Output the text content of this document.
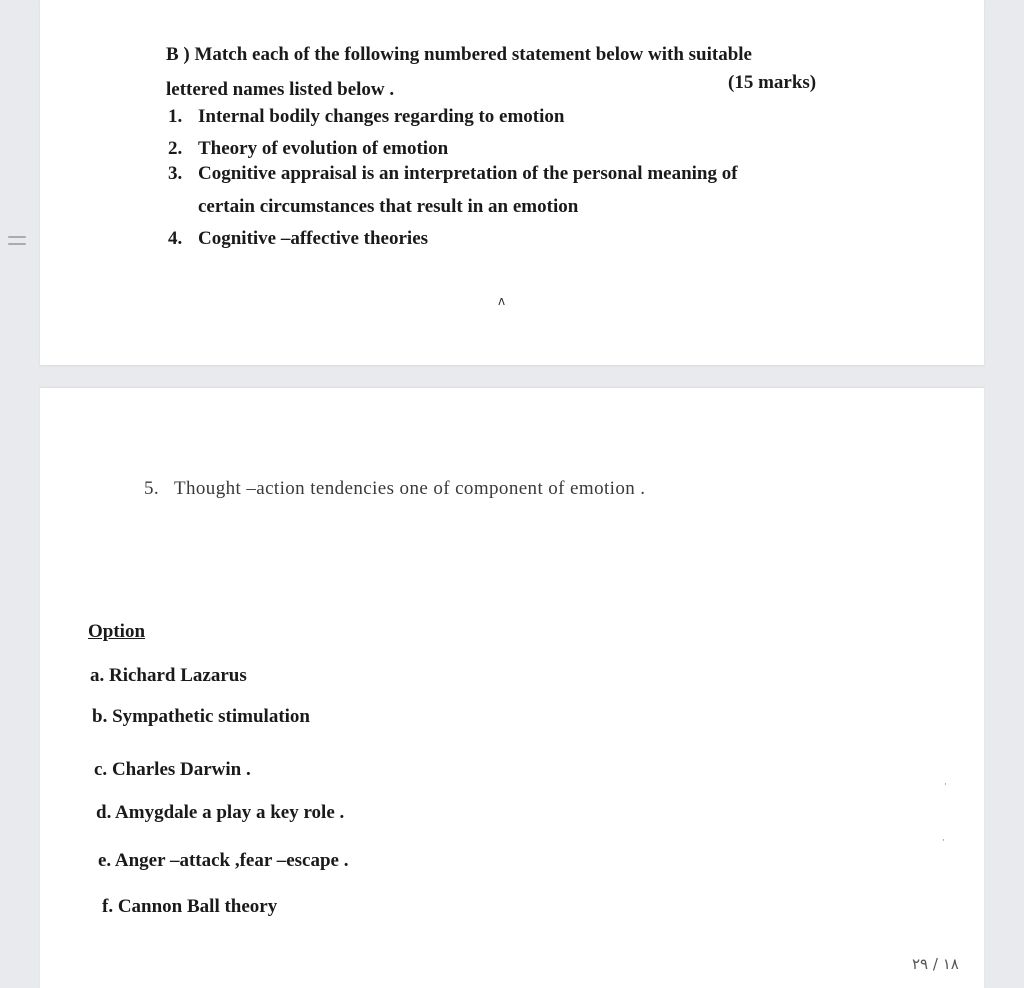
B ) Match each of the following numbered statement below with suitable
lettered names listed below .	(15 marks)
1. Internal bodily changes regarding to emotion
2. Theory of evolution of emotion
3. Cognitive appraisal is an interpretation of the personal meaning of
certain circumstances that result in an emotion
4. Cognitive –affective theories
ʌ
5. Thought –action tendencies one of component of emotion .
Option
a. Richard Lazarus
b. Sympathetic stimulation
c. Charles Darwin .
d. Amygdale a play a key role .
e. Anger –attack ,fear –escape .
f. Cannon Ball theory
·
·
۲۹ / ۱۸
